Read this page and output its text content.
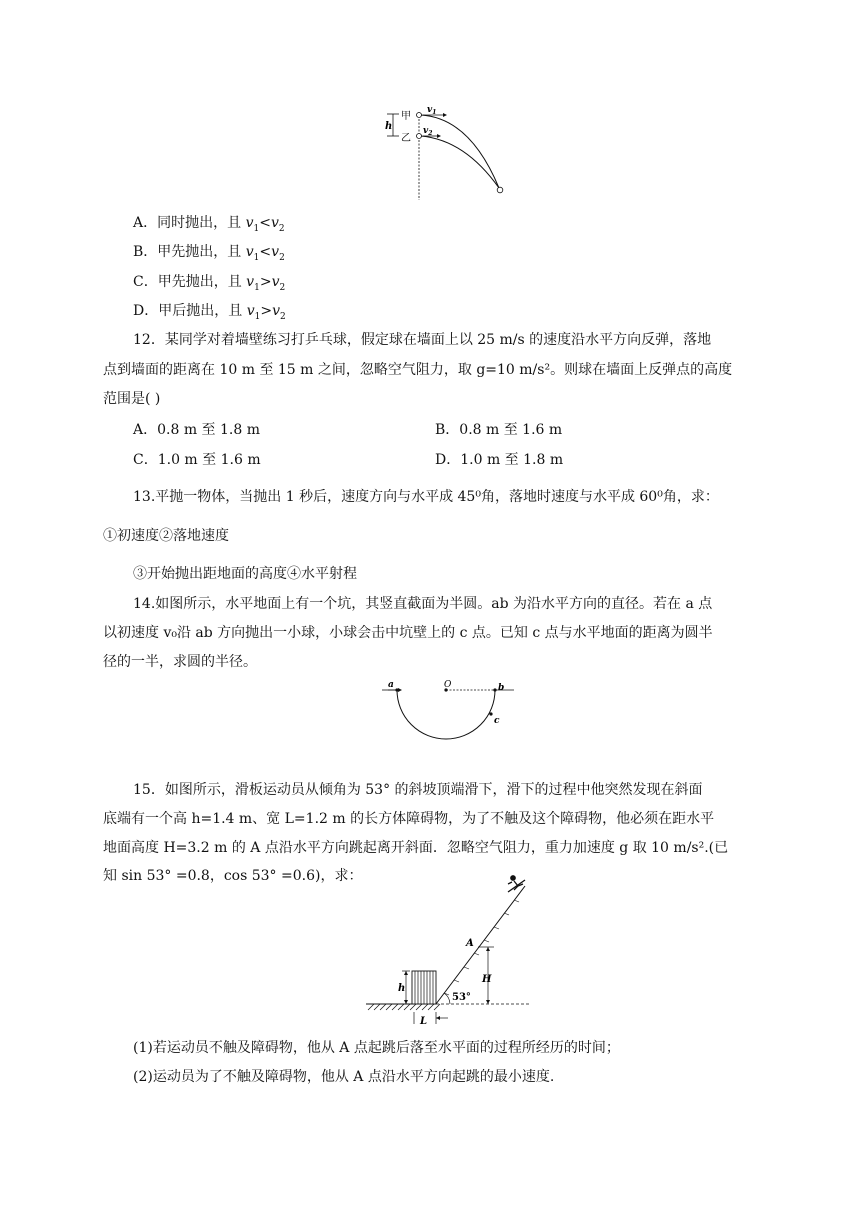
h
甲
乙
$v_1$
$v_2$
A．同时抛出，且 $v_1<v_2$
B．甲先抛出，且 $v_1<v_2$
C．甲先抛出，且 $v_1>v_2$
D．甲后抛出，且 $v_1>v_2$
12．某同学对着墙壁练习打乒乓球，假定球在墙面上以 25 m/s 的速度沿水平方向反弹，落地
点到墙面的距离在 10 m 至 15 m 之间，忽略空气阻力，取 g=10 m/s²。则球在墙面上反弹点的高度
范围是( )
A．0.8 m 至 1.8 m	B．0.8 m 至 1.6 m
C．1.0 m 至 1.6 m	D．1.0 m 至 1.8 m
13.平抛一物体，当抛出 1 秒后，速度方向与水平成 45⁰角，落地时速度与水平成 60⁰角，求：
①初速度②落地速度
③开始抛出距地面的高度④水平射程
14.如图所示，水平地面上有一个坑，其竖直截面为半圆。ab 为沿水平方向的直径。若在 a 点
以初速度 v₀沿 ab 方向抛出一小球，小球会击中坑壁上的 c 点。已知 c 点与水平地面的距离为圆半
径的一半，求圆的半径。
a	O	b
c
15．如图所示，滑板运动员从倾角为 53° 的斜坡顶端滑下，滑下的过程中他突然发现在斜面
底端有一个高 h=1.4 m、宽 L=1.2 m 的长方体障碍物，为了不触及这个障碍物，他必须在距水平
地面高度 H=3.2 m 的 A 点沿水平方向跳起离开斜面．忽略空气阻力，重力加速度 g 取 10 m/s².(已
知 sin 53° =0.8，cos 53° =0.6)，求：
h
L
53°
A
H
(1)若运动员不触及障碍物，他从 A 点起跳后落至水平面的过程所经历的时间；
(2)运动员为了不触及障碍物，他从 A 点沿水平方向起跳的最小速度.
